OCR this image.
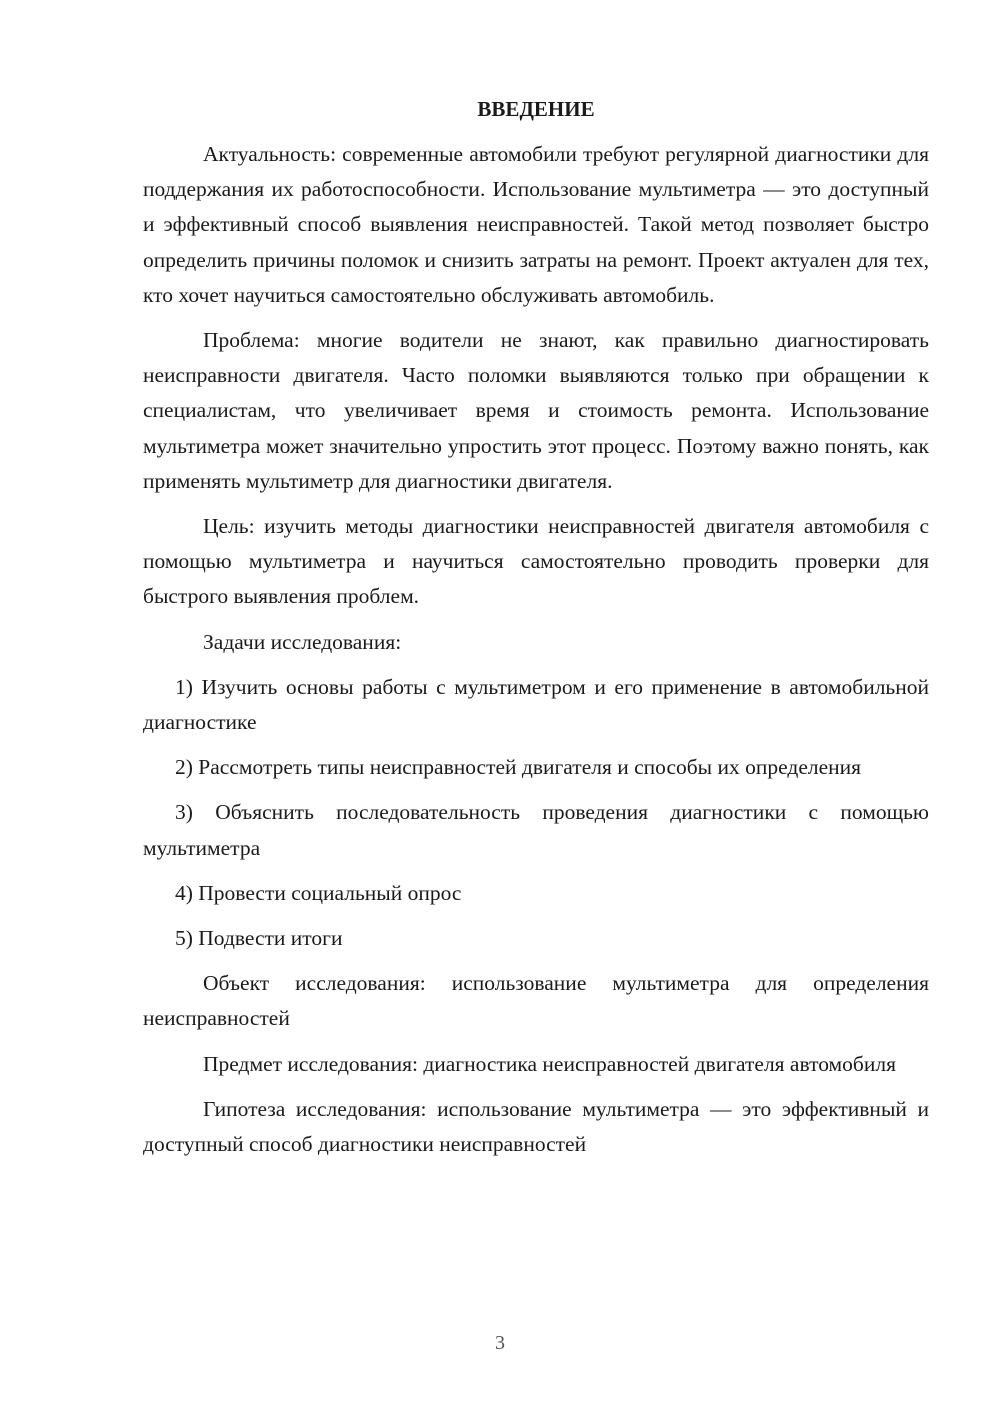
ВВЕДЕНИЕ

Актуальность: современные автомобили требуют регулярной диагностики для поддержания их работоспособности. Использование мультиметра — это доступный и эффективный способ выявления неисправностей. Такой метод позволяет быстро определить причины поломок и снизить затраты на ремонт. Проект актуален для тех, кто хочет научиться самостоятельно обслуживать автомобиль.

Проблема: многие водители не знают, как правильно диагностировать неисправности двигателя. Часто поломки выявляются только при обращении к специалистам, что увеличивает время и стоимость ремонта. Использование мультиметра может значительно упростить этот процесс. Поэтому важно понять, как применять мультиметр для диагностики двигателя.

Цель: изучить методы диагностики неисправностей двигателя автомобиля с помощью мультиметра и научиться самостоятельно проводить проверки для быстрого выявления проблем.

Задачи исследования:

1) Изучить основы работы с мультиметром и его применение в автомобильной диагностике

2) Рассмотреть типы неисправностей двигателя и способы их определения

3) Объяснить последовательность проведения диагностики с помощью мультиметра

4) Провести социальный опрос

5) Подвести итоги

Объект исследования: использование мультиметра для определения неисправностей

Предмет исследования: диагностика неисправностей двигателя автомобиля

Гипотеза исследования: использование мультиметра — это эффективный и доступный способ диагностики неисправностей

3
